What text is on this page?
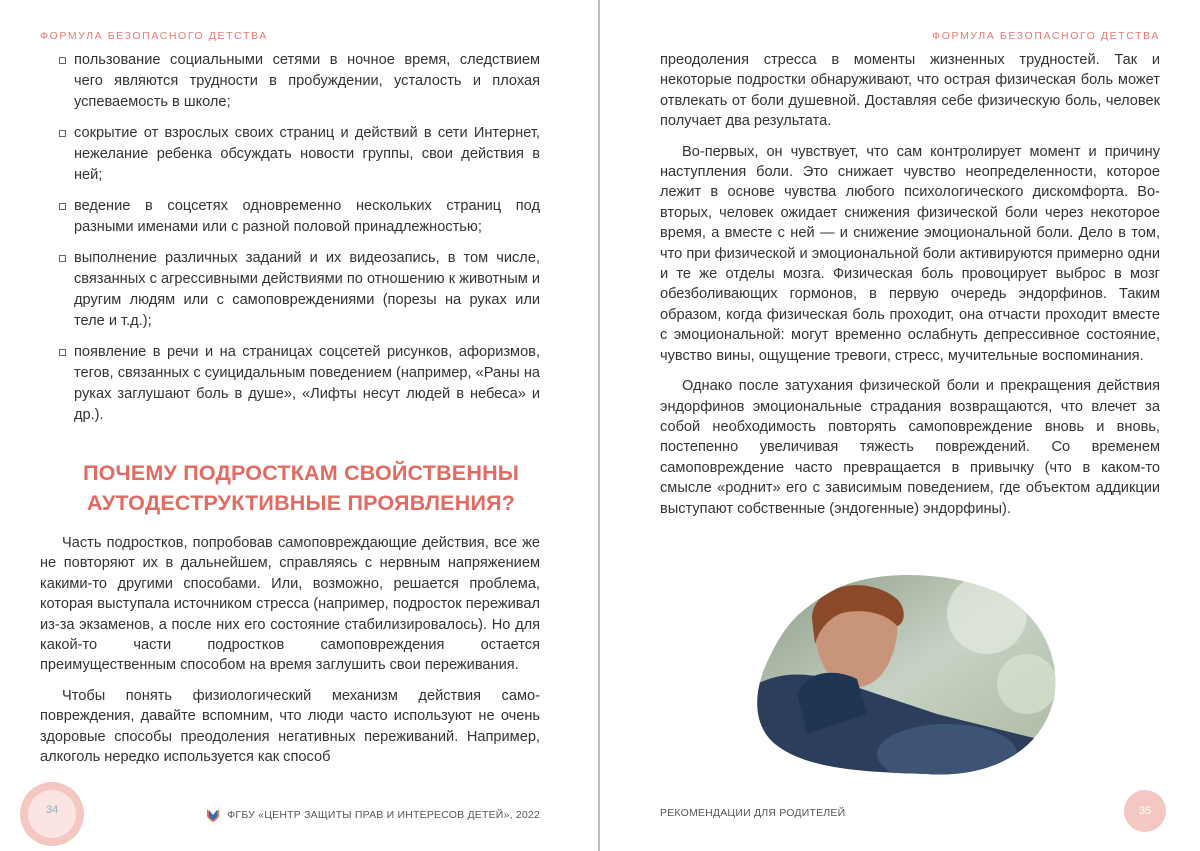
ФОРМУЛА БЕЗОПАСНОГО ДЕТСТВА
пользование социальными сетями в ночное время, следствием чего являются трудности в пробуждении, усталость и плохая успеваемость в школе;
сокрытие от взрослых своих страниц и действий в сети Интернет, нежелание ребенка обсуждать новости группы, свои действия в ней;
ведение в соцсетях одновременно нескольких страниц под разными именами или с разной половой принадлежностью;
выполнение различных заданий и их видеозапись, в том числе, связанных с агрессивными действиями по отношению к животным и другим людям или с самоповреждениями (порезы на руках или теле и т.д.);
появление в речи и на страницах соцсетей рисунков, афоризмов, тегов, связанных с суицидальным поведением (например, «Раны на руках заглушают боль в душе», «Лифты несут людей в небеса» и др.).
ПОЧЕМУ ПОДРОСТКАМ СВОЙСТВЕННЫ АУТОДЕСТРУКТИВНЫЕ ПРОЯВЛЕНИЯ?

Часть подростков, попробовав самоповреждающие действия, все же не повторяют их в дальнейшем, справляясь с нервным напряжением какими-то другими способами. Или, возможно, решается проблема, которая выступала источником стресса (например, подросток переживал из-за экзаменов, а после них его состояние стабилизировалось). Но для какой-то части подростков самоповреждения остается преимущественным способом на время заглушить свои переживания.

Чтобы понять физиологический механизм действия самоповреждения, давайте вспомним, что люди часто используют не очень здоровые способы преодоления негативных переживаний. Например, алкоголь нередко используется как способ

34	ФГБУ «ЦЕНТР ЗАЩИТЫ ПРАВ И ИНТЕРЕСОВ ДЕТЕЙ», 2022
ФОРМУЛА БЕЗОПАСНОГО ДЕТСТВА

преодоления стресса в моменты жизненных трудностей. Так и некоторые подростки обнаруживают, что острая физическая боль может отвлекать от боли душевной. Доставляя себе физическую боль, человек получает два результата.

Во-первых, он чувствует, что сам контролирует момент и причину наступления боли. Это снижает чувство неопределенности, которое лежит в основе чувства любого психологического дискомфорта. Во-вторых, человек ожидает снижения физической боли через некоторое время, а вместе с ней — и снижение эмоциональной боли. Дело в том, что при физической и эмоциональной боли активируются примерно одни и те же отделы мозга. Физическая боль провоцирует выброс в мозг обезболивающих гормонов, в первую очередь эндорфинов. Таким образом, когда физическая боль проходит, она отчасти проходит вместе с эмоциональной: могут временно ослабнуть депрессивное состояние, чувство вины, ощущение тревоги, стресс, мучительные воспоминания.

Однако после затухания физической боли и прекращения действия эндорфинов эмоциональные страдания возвращаются, что влечет за собой необходимость повторять самоповреждение вновь и вновь, постепенно увеличивая тяжесть повреждений. Со временем самоповреждение часто превращается в привычку (что в каком-то смысле «роднит» его с зависимым поведением, где объектом аддикции выступают собственные (эндогенные) эндорфины).

РЕКОМЕНДАЦИИ ДЛЯ РОДИТЕЛЕЙ	35
